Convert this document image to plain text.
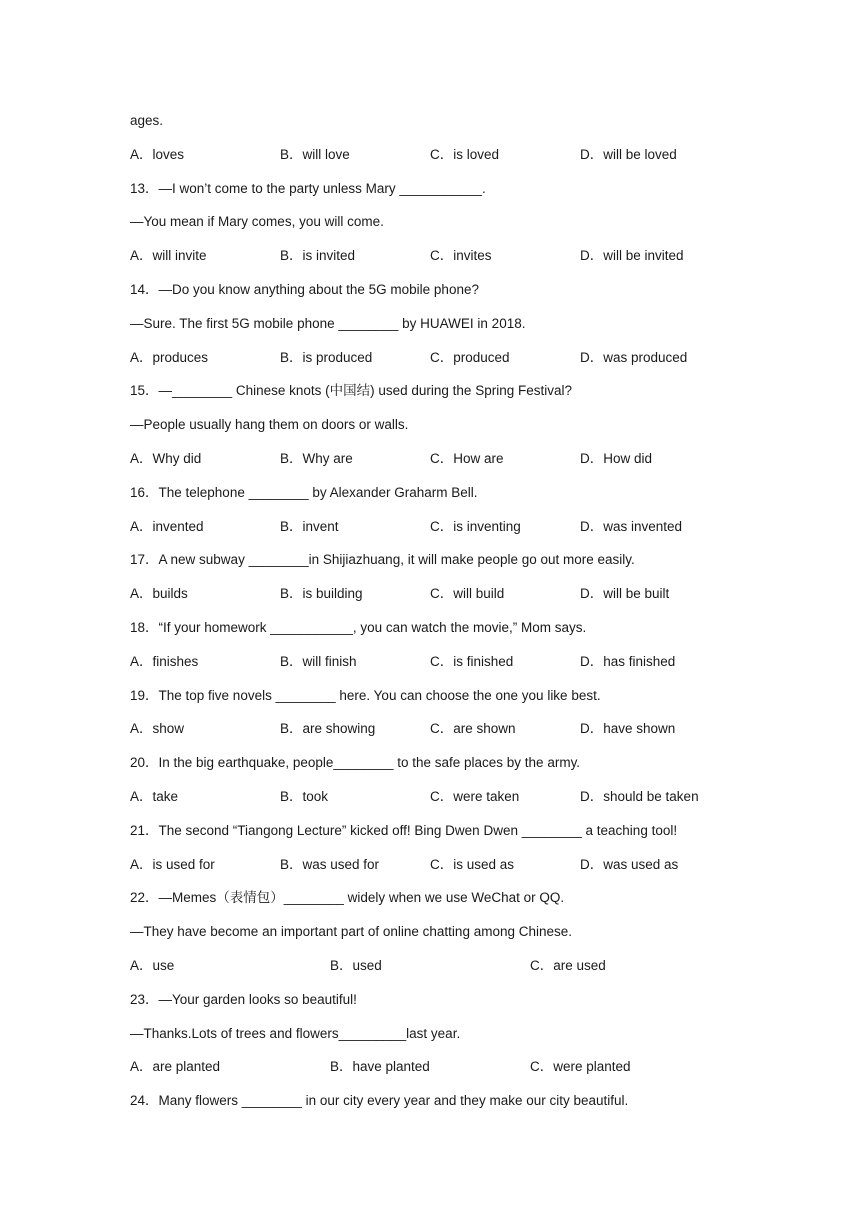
ages.
A．loves	B．will love	C．is loved	D．will be loved
13．—I won’t come to the party unless Mary ___________.
—You mean if Mary comes, you will come.
A．will invite	B．is invited	C．invites	D．will be invited
14．—Do you know anything about the 5G mobile phone?
—Sure. The first 5G mobile phone ________ by HUAWEI in 2018.
A．produces	B．is produced	C．produced	D．was produced
15．—________ Chinese knots (中国结) used during the Spring Festival?
—People usually hang them on doors or walls.
A．Why did	B．Why are	C．How are	D．How did
16．The telephone ________ by Alexander Graharm Bell.
A．invented	B．invent	C．is inventing	D．was invented
17．A new subway ________in Shijiazhuang, it will make people go out more easily.
A．builds	B．is building	C．will build	D．will be built
18．“If your homework ___________, you can watch the movie,” Mom says.
A．finishes	B．will finish	C．is finished	D．has finished
19．The top five novels ________ here. You can choose the one you like best.
A．show	B．are showing	C．are shown	D．have shown
20．In the big earthquake, people________ to the safe places by the army.
A．take	B．took	C．were taken	D．should be taken
21．The second “Tiangong Lecture” kicked off! Bing Dwen Dwen ________ a teaching tool!
A．is used for	B．was used for	C．is used as	D．was used as
22．—Memes（表情包）________ widely when we use WeChat or QQ.
—They have become an important part of online chatting among Chinese.
A．use	B．used	C．are used
23．—Your garden looks so beautiful!
—Thanks.Lots of trees and flowers_________last year.
A．are planted	B．have planted	C．were planted
24．Many flowers ________ in our city every year and they make our city beautiful.
